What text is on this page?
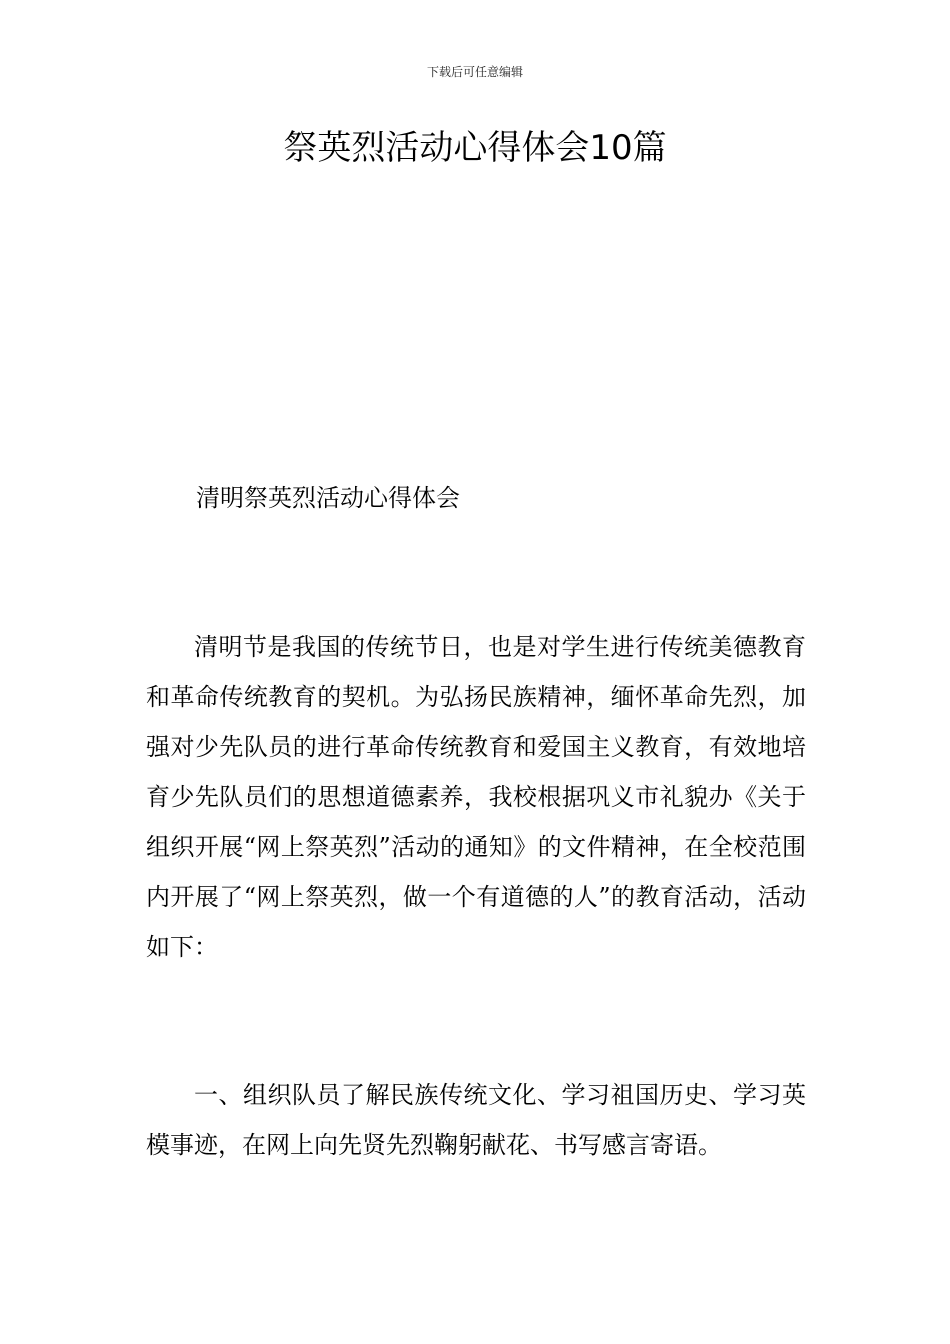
下载后可任意编辑
祭英烈活动心得体会10篇
清明祭英烈活动心得体会

清明节是我国的传统节日，也是对学生进行传统美德教育和革命传统教育的契机。为弘扬民族精神，缅怀革命先烈，加强对少先队员的进行革命传统教育和爱国主义教育，有效地培育少先队员们的思想道德素养，我校根据巩义市礼貌办《关于组织开展“网上祭英烈”活动的通知》的文件精神，在全校范围内开展了“网上祭英烈，做一个有道德的人”的教育活动，活动如下：

一、组织队员了解民族传统文化、学习祖国历史、学习英模事迹，在网上向先贤先烈鞠躬献花、书写感言寄语。
